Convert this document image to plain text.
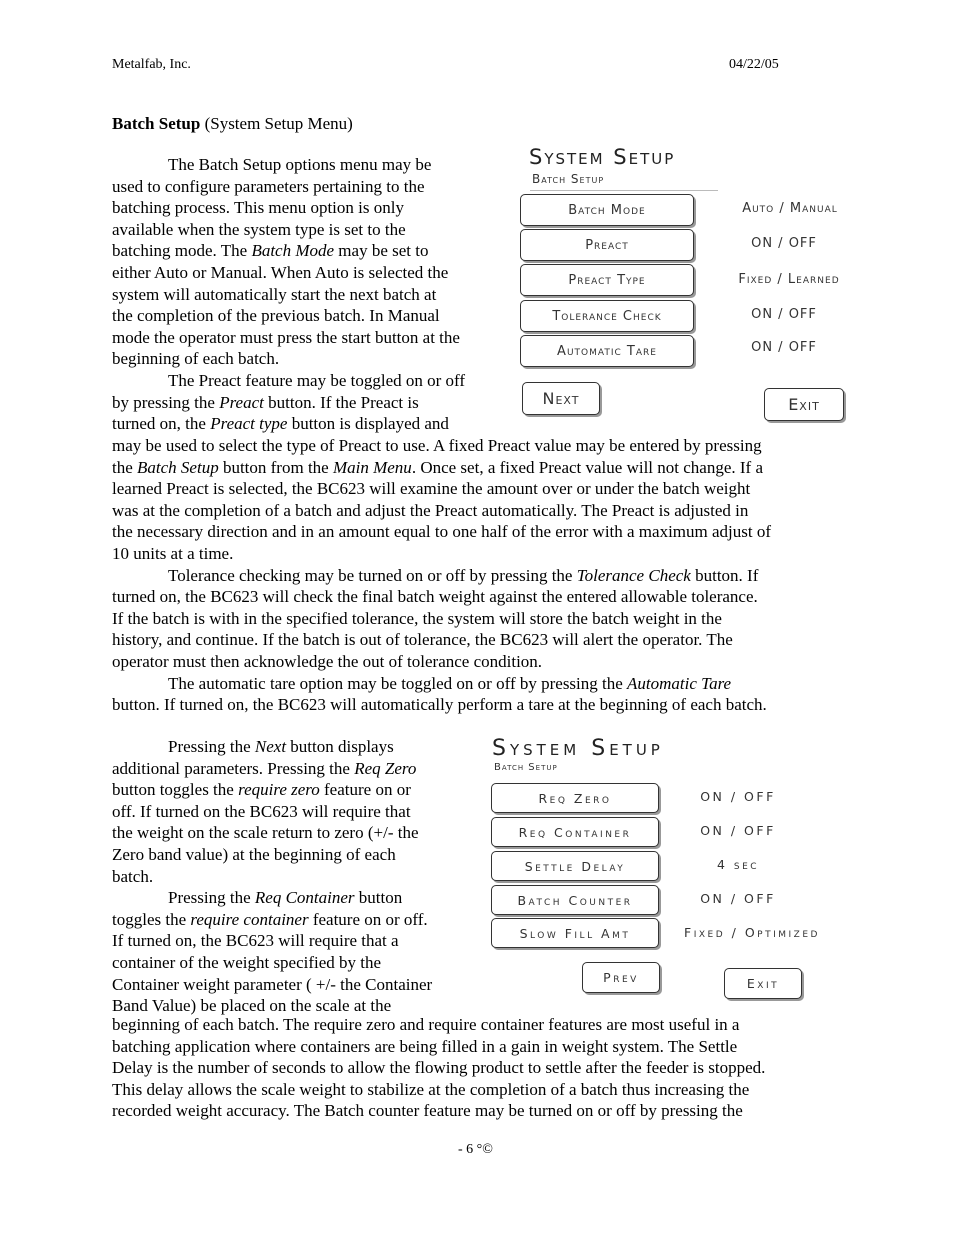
Metalfab, Inc.	04/22/05
Batch Setup (System Setup Menu)

The Batch Setup options menu may be

used to configure parameters pertaining to the

batching process. This menu option is only

available when the system type is set to the

batching mode. The Batch Mode may be set to

either Auto or Manual. When Auto is selected the

system will automatically start the next batch at

the completion of the previous batch. In Manual

mode the operator must press the start button at the

beginning of each batch.

The Preact feature may be toggled on or off

by pressing the Preact button. If the Preact is

turned on, the Preact type button is displayed and

may be used to select the type of Preact to use. A fixed Preact value may be entered by pressing

the Batch Setup button from the Main Menu. Once set, a fixed Preact value will not change. If a

learned Preact is selected, the BC623 will examine the amount over or under the batch weight

was at the completion of a batch and adjust the Preact automatically. The Preact is adjusted in

the necessary direction and in an amount equal to one half of the error with a maximum adjust of

10 units at a time.

Tolerance checking may be turned on or off by pressing the Tolerance Check button. If

turned on, the BC623 will check the final batch weight against the entered allowable tolerance.

If the batch is with in the specified tolerance, the system will store the batch weight in the

history, and continue. If the batch is out of tolerance, the BC623 will alert the operator. The

operator must then acknowledge the out of tolerance condition.

The automatic tare option may be toggled on or off by pressing the Automatic Tare

button. If turned on, the BC623 will automatically perform a tare at the beginning of each batch.

Pressing the Next button displays

additional parameters. Pressing the Req Zero

button toggles the require zero feature on or

off. If turned on the BC623 will require that

the weight on the scale return to zero (+/- the

Zero band value) at the beginning of each

batch.

Pressing the Req Container button

toggles the require container feature on or off.

If turned on, the BC623 will require that a

container of the weight specified by the

Container weight parameter ( +/- the Container

Band Value) be placed on the scale at the

beginning of each batch. The require zero and require container features are most useful in a

batching application where containers are being filled in a gain in weight system. The Settle

Delay is the number of seconds to allow the flowing product to settle after the feeder is stopped.

This delay allows the scale weight to stabilize at the completion of a batch thus increasing the

recorded weight accuracy. The Batch counter feature may be turned on or off by pressing the

System Setup
Batch Setup
Batch Mode	Auto / Manual
Preact	ON / OFF
Preact Type	Fixed / Learned
Tolerance Check	ON / OFF
Automatic Tare	ON / OFF
Next	Exit
System Setup
Batch Setup
Req Zero	ON / OFF
Req Container	ON / OFF
Settle Delay	4 sec
Batch Counter	ON / OFF
Slow Fill Amt	Fixed / Optimized
Prev	Exit
- 6 °©
